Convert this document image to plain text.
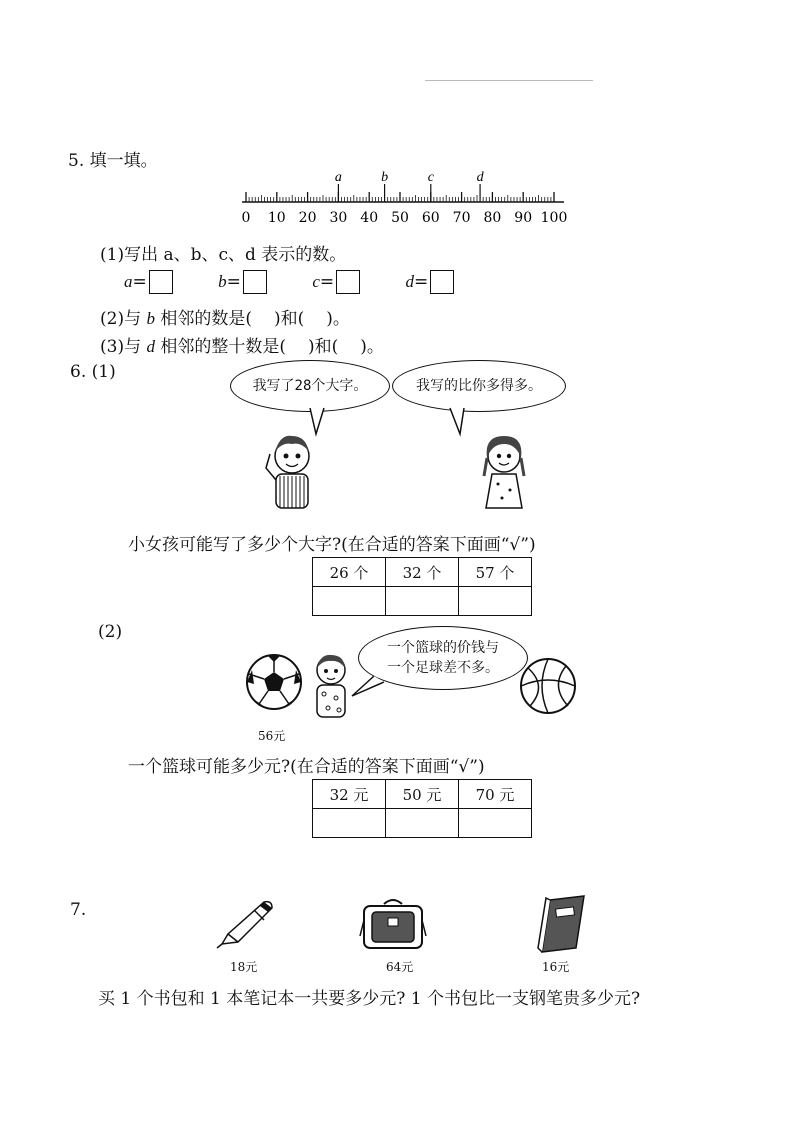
5. 填一填。
0 10 20 30 40 50 60 70 80 90 100
a	b	c	d
(1)写出 a、b、c、d 表示的数。
a=	b=	c=	d=
(2)与 b 相邻的数是( )和( )。
(3)与 d 相邻的整十数是( )和( )。
6. (1)
我写了28个大字。	我写的比你多得多。
小女孩可能写了多少个大字?(在合适的答案下面画“√”)
26 个	32 个	57 个

(2)
56元
一个篮球的价钱与
一个足球差不多。
一个篮球可能多少元?(在合适的答案下面画“√”)
32 元	50 元	70 元

7.
18元	64元	16元
买 1 个书包和 1 本笔记本一共要多少元? 1 个书包比一支钢笔贵多少元?
